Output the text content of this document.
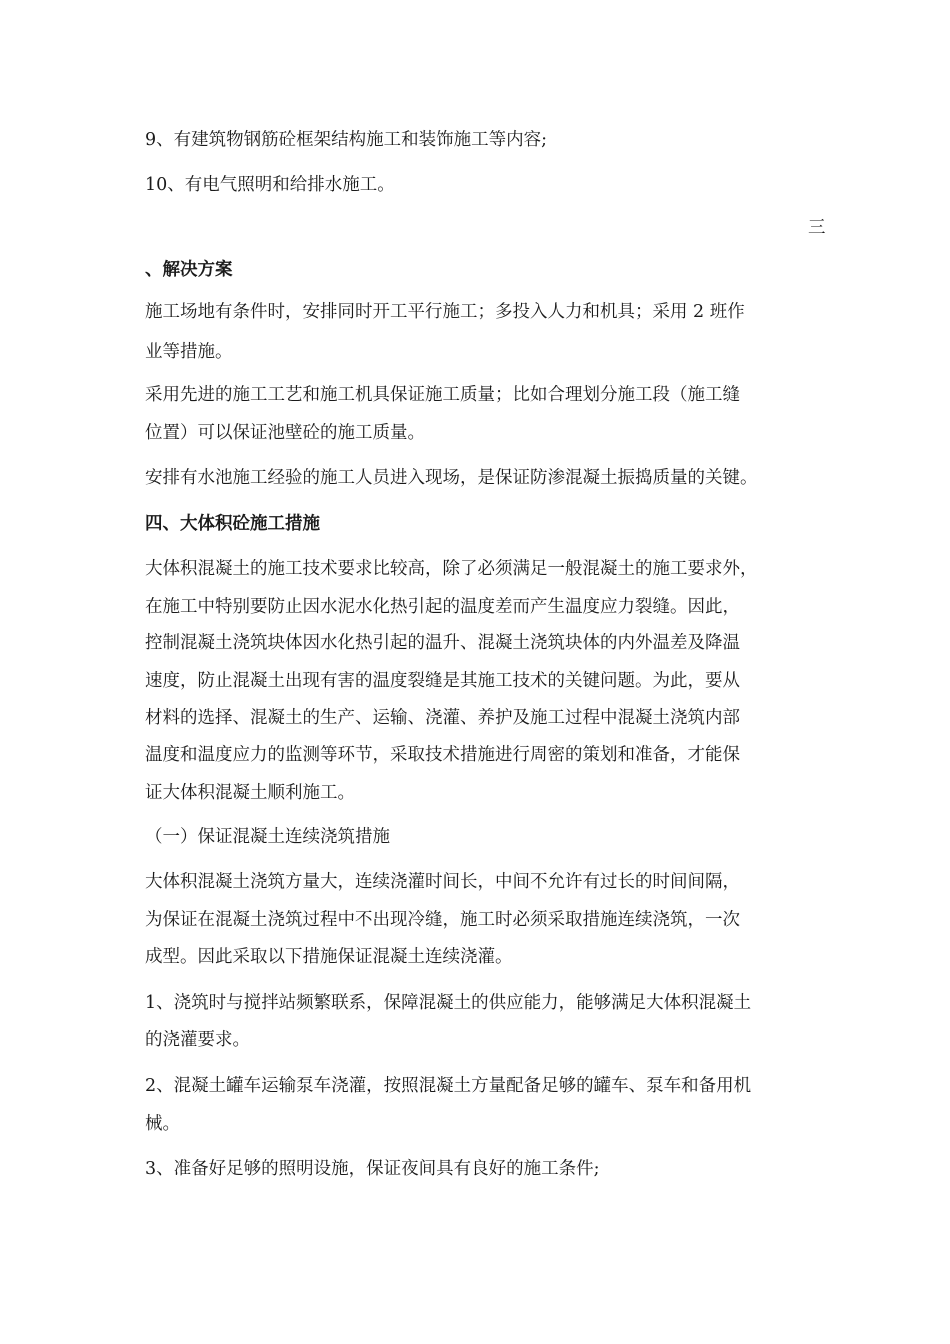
9、有建筑物钢筋砼框架结构施工和装饰施工等内容;

10、有电气照明和给排水施工。

三

、解决方案

施工场地有条件时，安排同时开工平行施工；多投入人力和机具；采用 2 班作

业等措施。

采用先进的施工工艺和施工机具保证施工质量；比如合理划分施工段（施工缝

位置）可以保证池壁砼的施工质量。

安排有水池施工经验的施工人员进入现场，是保证防渗混凝土振捣质量的关键。

四、大体积砼施工措施

大体积混凝土的施工技术要求比较高，除了必须满足一般混凝土的施工要求外，

在施工中特别要防止因水泥水化热引起的温度差而产生温度应力裂缝。因此，

控制混凝土浇筑块体因水化热引起的温升、混凝土浇筑块体的内外温差及降温

速度，防止混凝土出现有害的温度裂缝是其施工技术的关键问题。为此，要从

材料的选择、混凝土的生产、运输、浇灌、养护及施工过程中混凝土浇筑内部

温度和温度应力的监测等环节，采取技术措施进行周密的策划和准备，才能保

证大体积混凝土顺利施工。

（一）保证混凝土连续浇筑措施

大体积混凝土浇筑方量大，连续浇灌时间长，中间不允许有过长的时间间隔，

为保证在混凝土浇筑过程中不出现冷缝，施工时必须采取措施连续浇筑，一次

成型。因此采取以下措施保证混凝土连续浇灌。

1、浇筑时与搅拌站频繁联系，保障混凝土的供应能力，能够满足大体积混凝土

的浇灌要求。

2、混凝土罐车运输泵车浇灌，按照混凝土方量配备足够的罐车、泵车和备用机

械。

3、准备好足够的照明设施，保证夜间具有良好的施工条件;
